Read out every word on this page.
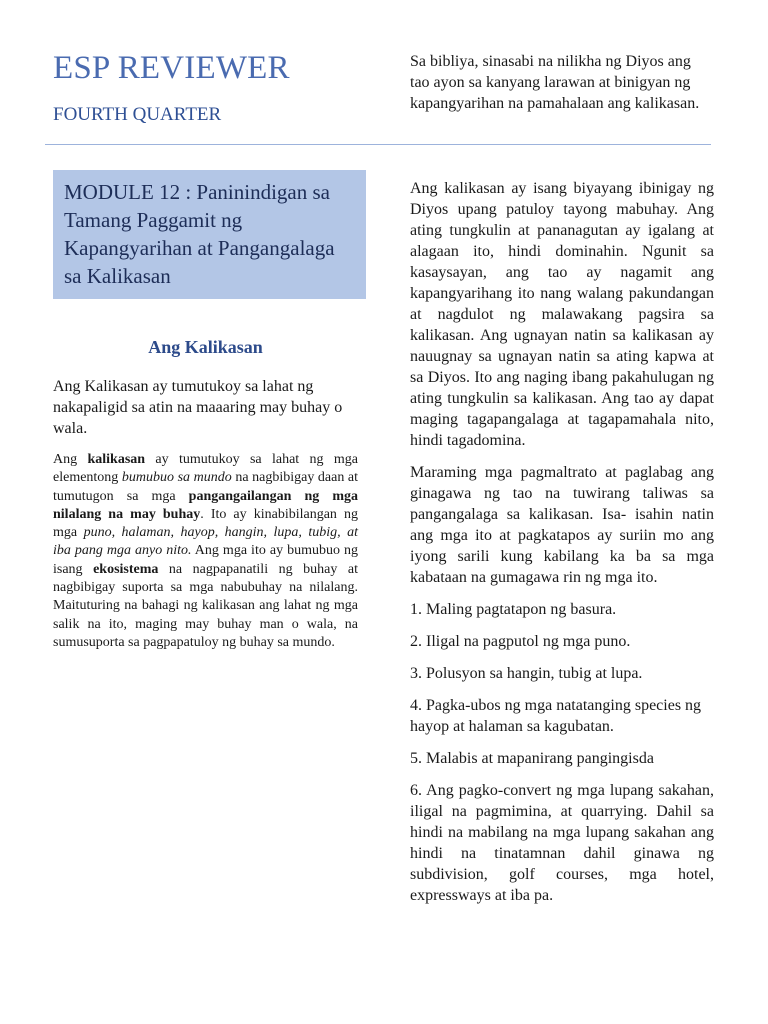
ESP REVIEWER
FOURTH QUARTER
MODULE 12 : Paninindigan sa Tamang Paggamit ng Kapangyarihan at Pangangalaga sa Kalikasan
Ang Kalikasan

Ang Kalikasan ay tumutukoy sa lahat ng nakapaligid sa atin na maaaring may buhay o wala.

Ang kalikasan ay tumutukoy sa lahat ng mga elementong bumubuo sa mundo na nagbibigay daan at tumutugon sa mga pangangailangan ng mga nilalang na may buhay. Ito ay kinabibilangan ng mga puno, halaman, hayop, hangin, lupa, tubig, at iba pang mga anyo nito. Ang mga ito ay bumubuo ng isang ekosistema na nagpapanatili ng buhay at nagbibigay suporta sa mga nabubuhay na nilalang. Maituturing na bahagi ng kalikasan ang lahat ng mga salik na ito, maging may buhay man o wala, na sumusuporta sa pagpapatuloy ng buhay sa mundo.

Sa bibliya, sinasabi na nilikha ng Diyos ang tao ayon sa kanyang larawan at binigyan ng kapangyarihan na pamahalaan ang kalikasan.

Ang kalikasan ay isang biyayang ibinigay ng Diyos upang patuloy tayong mabuhay. Ang ating tungkulin at pananagutan ay igalang at alagaan ito, hindi dominahin. Ngunit sa kasaysayan, ang tao ay nagamit ang kapangyarihang ito nang walang pakundangan at nagdulot ng malawakang pagsira sa kalikasan. Ang ugnayan natin sa kalikasan ay nauugnay sa ugnayan natin sa ating kapwa at sa Diyos. Ito ang naging ibang pakahulugan ng ating tungkulin sa kalikasan. Ang tao ay dapat maging tagapangalaga at tagapamahala nito, hindi tagadomina.

Maraming mga pagmaltrato at paglabag ang ginagawa ng tao na tuwirang taliwas sa pangangalaga sa kalikasan. Isa- isahin natin ang mga ito at pagkatapos ay suriin mo ang iyong sarili kung kabilang ka ba sa mga kabataan na gumagawa rin ng mga ito.

1. Maling pagtatapon ng basura.

2. Iligal na pagputol ng mga puno.

3. Polusyon sa hangin, tubig at lupa.

4. Pagka-ubos ng mga natatanging species ng hayop at halaman sa kagubatan.

5. Malabis at mapanirang pangingisda

6. Ang pagko-convert ng mga lupang sakahan, iligal na pagmimina, at quarrying. Dahil sa hindi na mabilang na mga lupang sakahan ang hindi na tinatamnan dahil ginawa ng subdivision, golf courses, mga hotel, expressways at iba pa.
